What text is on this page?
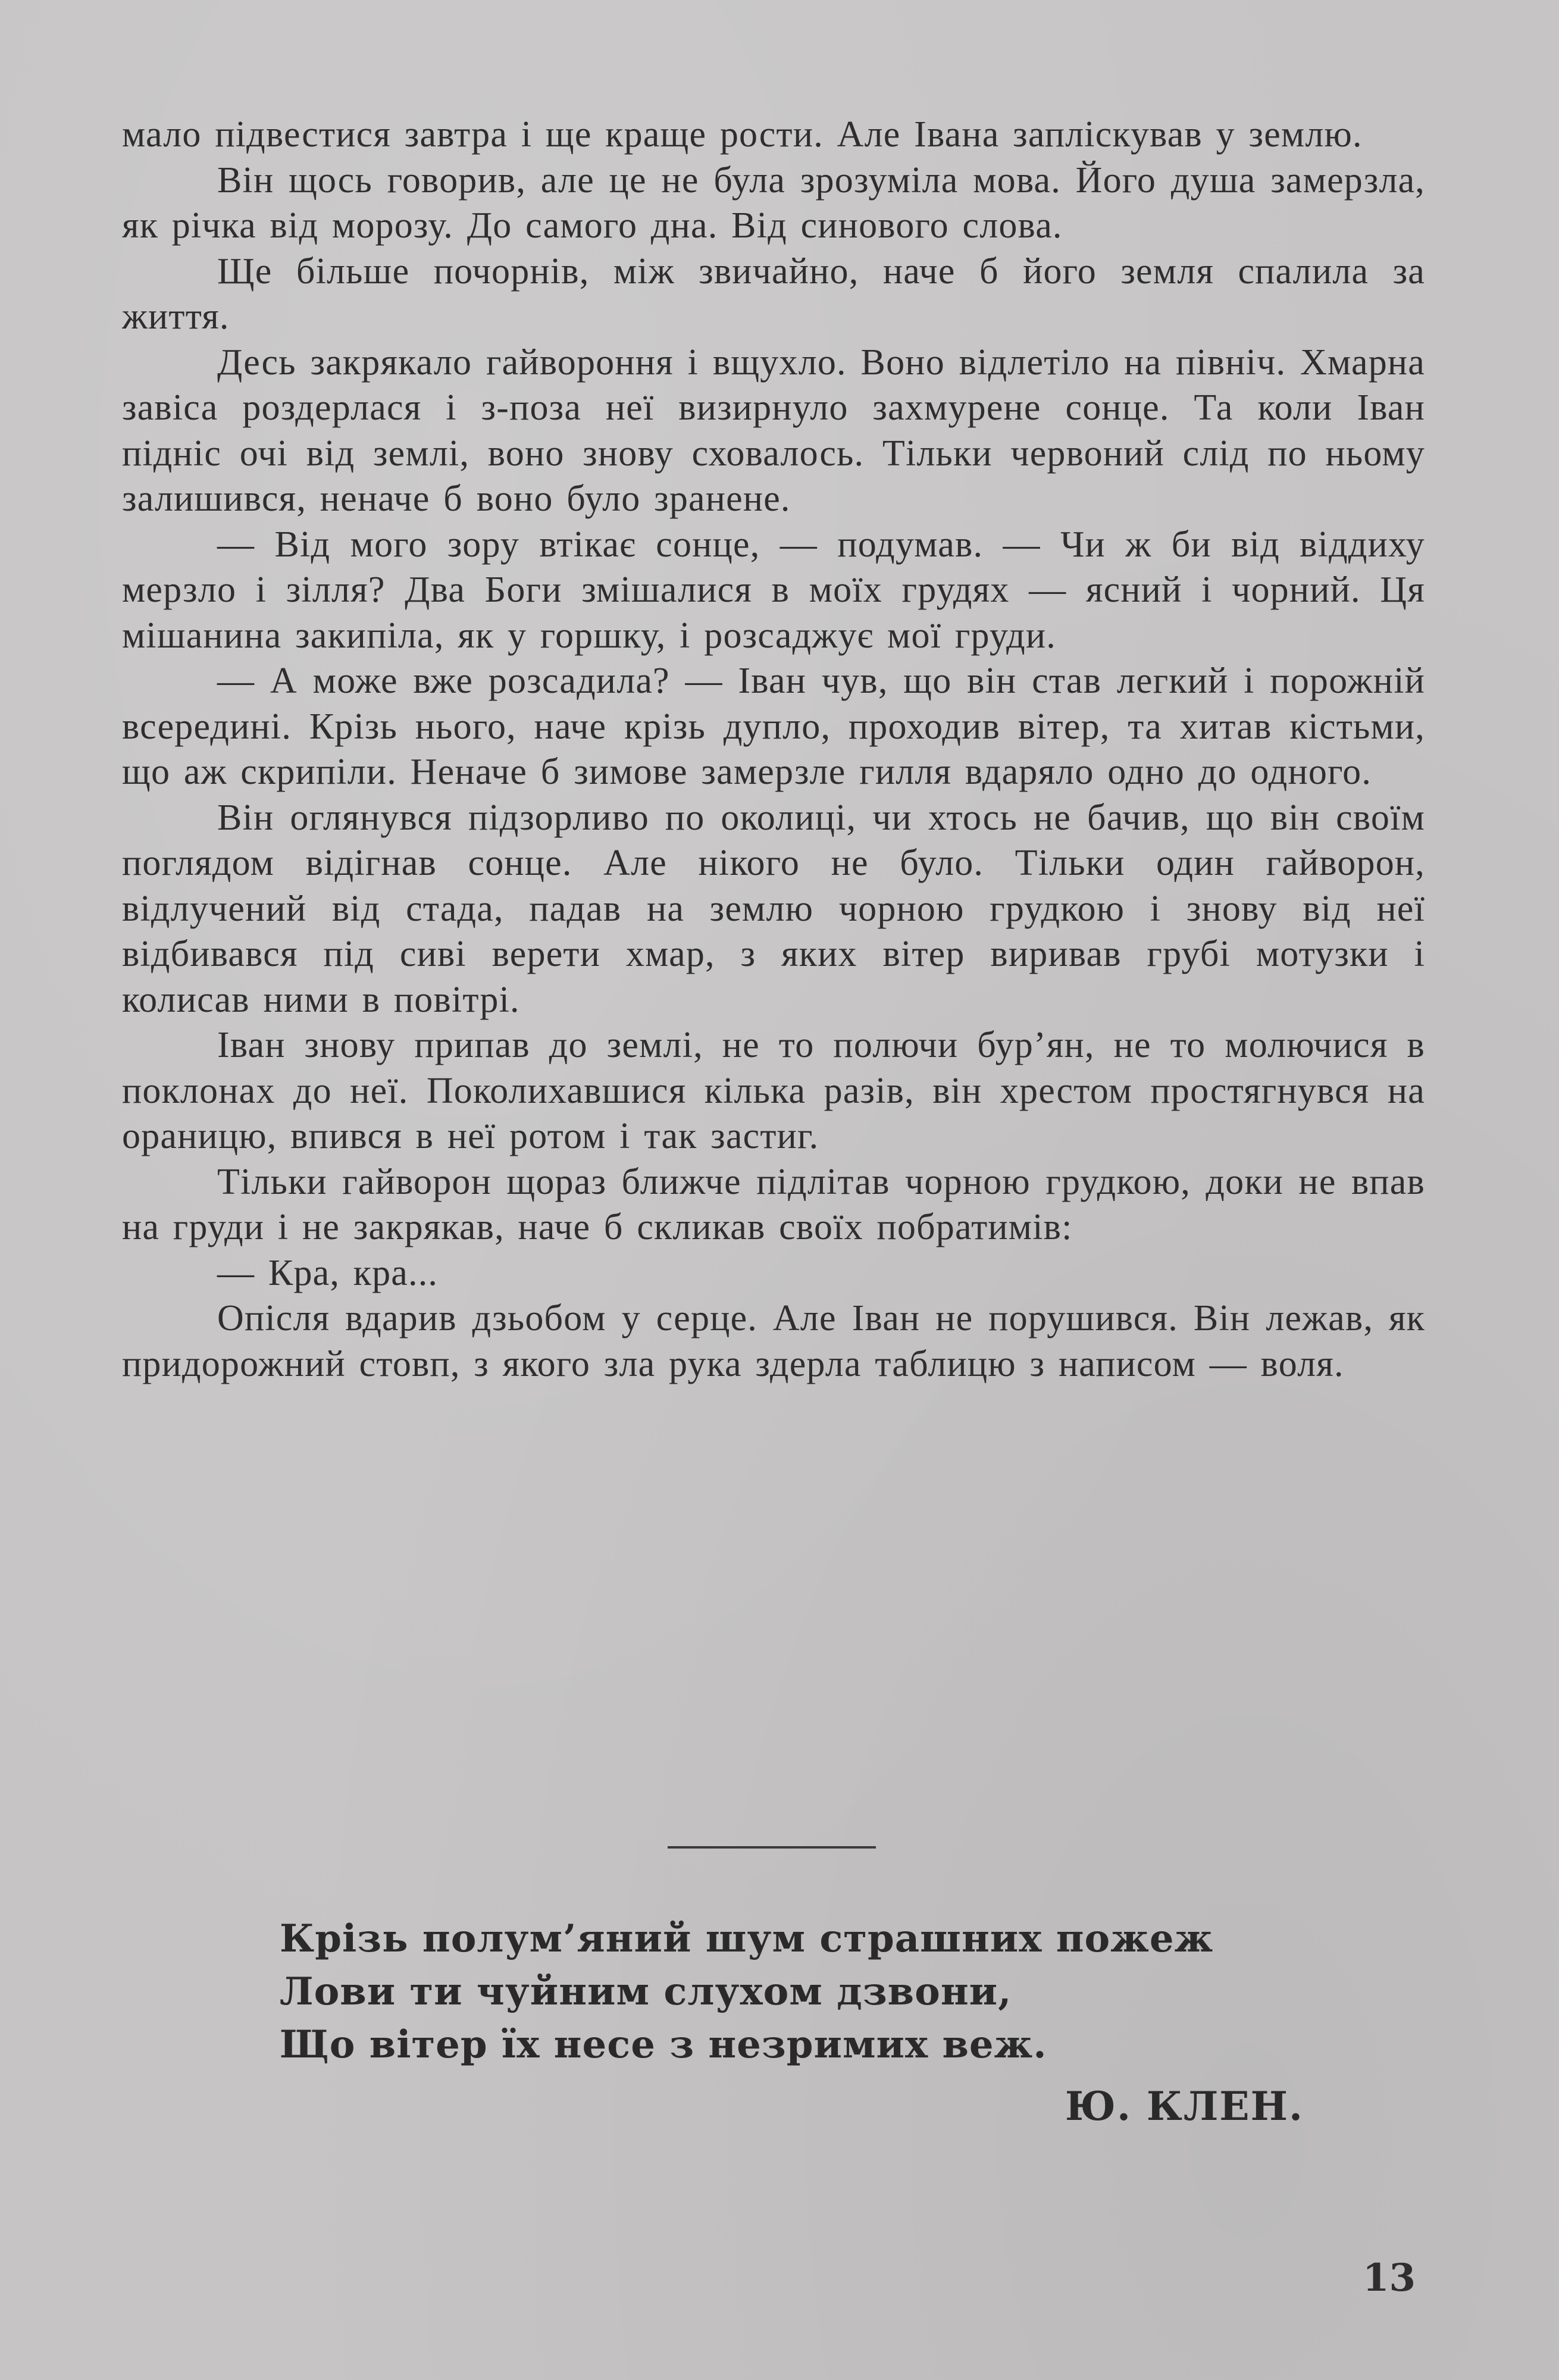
мало підвестися завтра і ще краще рости. Але Івана запліскував у землю.

Він щось говорив, але це не була зрозуміла мова. Його душа замерзла, як річка від морозу. До самого дна. Від синового слова.

Ще більше почорнів, між звичайно, наче б його земля спалила за життя.

Десь закрякало гайвороння і вщухло. Воно відлетіло на північ. Хмарна завіса роздерлася і з-поза неї визирнуло захмурене сонце. Та коли Іван підніс очі від землі, воно знову сховалось. Тільки червоний слід по ньому залишився, неначе б воно було зранене.

— Від мого зору втікає сонце, — подумав. — Чи ж би від віддиху мерзло і зілля? Два Боги змішалися в моїх грудях — ясний і чорний. Ця мішанина закипіла, як у горшку, і розсаджує мої груди.

— А може вже розсадила? — Іван чув, що він став легкий і порожній всередині. Крізь нього, наче крізь дупло, проходив вітер, та хитав кістьми, що аж скрипіли. Неначе б зимове замерзле гилля вдаряло одно до одного.

Він оглянувся підзорливо по околиці, чи хтось не бачив, що він своїм поглядом відігнав сонце. Але нікого не було. Тільки один гайворон, відлучений від стада, падав на землю чорною грудкою і знову від неї відбивався під сиві верети хмар, з яких вітер виривав грубі мотузки і колисав ними в повітрі.

Іван знову припав до землі, не то полючи бур’ян, не то молючися в поклонах до неї. Поколихавшися кілька разів, він хрестом простягнувся на ораницю, впився в неї ротом і так застиг.

Тільки гайворон щораз ближче підлітав чорною грудкою, доки не впав на груди і не закрякав, наче б скликав своїх побратимів:

— Кра, кра...

Опісля вдарив дзьобом у серце. Але Іван не порушився. Він лежав, як придорожний стовп, з якого зла рука здерла таблицю з написом — воля.

Крізь полум’яний шум страшних пожеж
Лови ти чуйним слухом дзвони,
Що вітер їх несе з незримих веж.
Ю. КЛЕН.
13
